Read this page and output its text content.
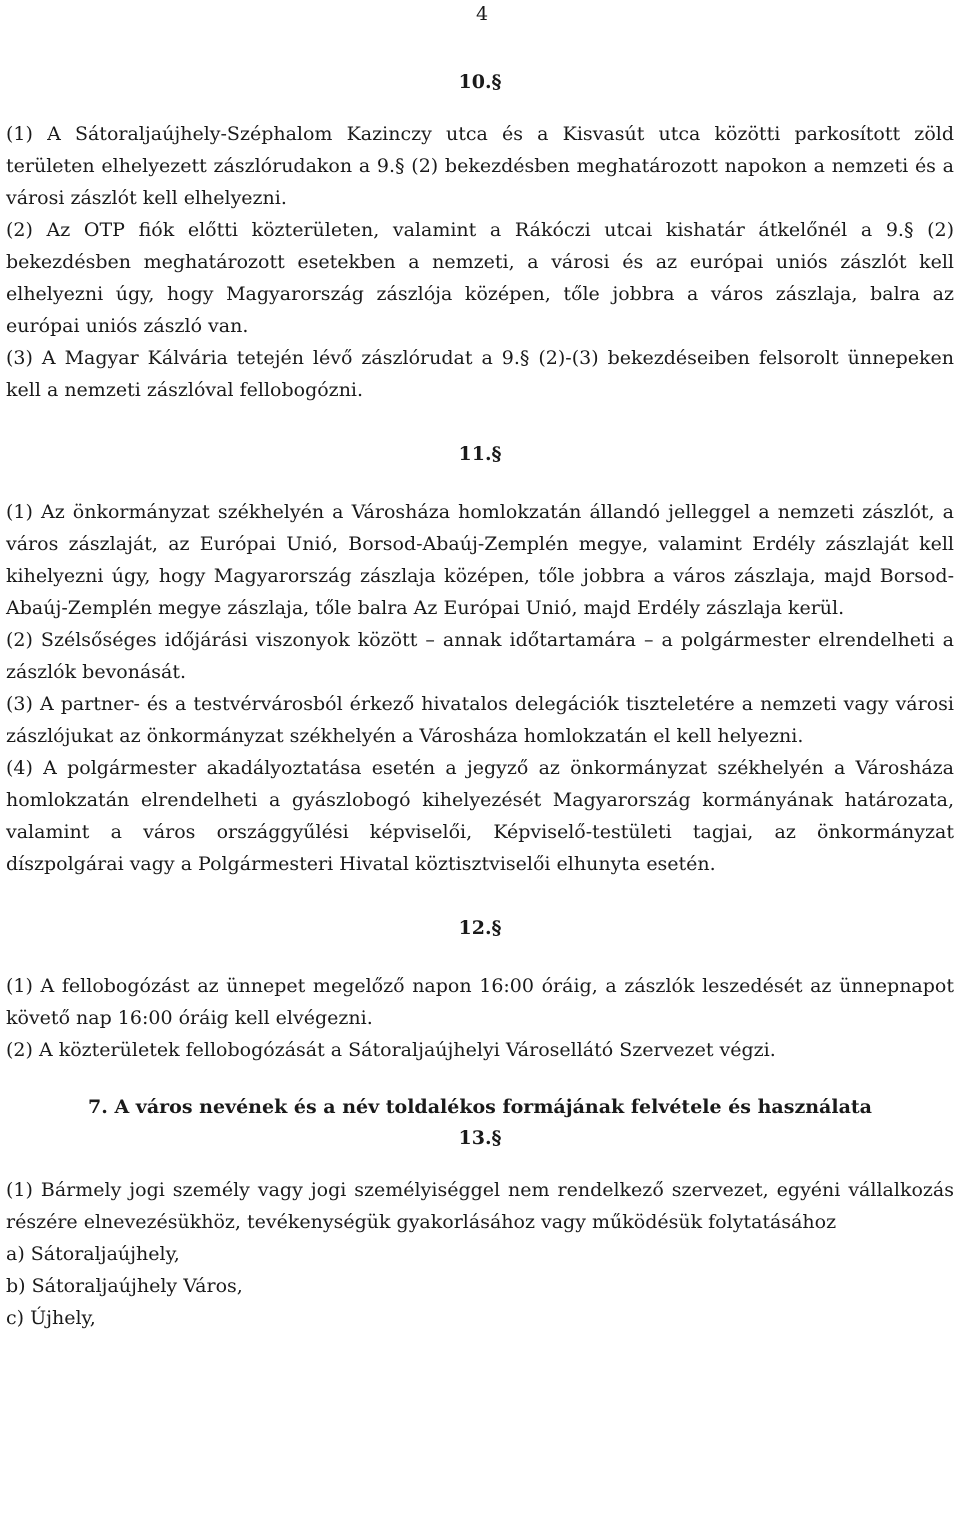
4
10.§

(1) A Sátoraljaújhely-Széphalom Kazinczy utca és a Kisvasút utca közötti parkosított zöld területen elhelyezett zászlórudakon a 9.§ (2) bekezdésben meghatározott napokon a nemzeti és a városi zászlót kell elhelyezni.

(2) Az OTP fiók előtti közterületen, valamint a Rákóczi utcai kishatár átkelőnél a 9.§ (2) bekezdésben meghatározott esetekben a nemzeti, a városi és az európai uniós zászlót kell elhelyezni úgy, hogy Magyarország zászlója középen, tőle jobbra a város zászlaja, balra az európai uniós zászló van.

(3) A Magyar Kálvária tetején lévő zászlórudat a 9.§ (2)-(3) bekezdéseiben felsorolt ünnepeken kell a nemzeti zászlóval fellobogózni.

11.§

(1) Az önkormányzat székhelyén a Városháza homlokzatán állandó jelleggel a nemzeti zászlót, a város zászlaját, az Európai Unió, Borsod-Abaúj-Zemplén megye, valamint Erdély zászlaját kell kihelyezni úgy, hogy Magyarország zászlaja középen, tőle jobbra a város zászlaja, majd Borsod-Abaúj-Zemplén megye zászlaja, tőle balra Az Európai Unió, majd Erdély zászlaja kerül.

(2) Szélsőséges időjárási viszonyok között – annak időtartamára – a polgármester elrendelheti a zászlók bevonását.

(3) A partner- és a testvérvárosból érkező hivatalos delegációk tiszteletére a nemzeti vagy városi zászlójukat az önkormányzat székhelyén a Városháza homlokzatán el kell helyezni.

(4) A polgármester akadályoztatása esetén a jegyző az önkormányzat székhelyén a Városháza homlokzatán elrendelheti a gyászlobogó kihelyezését Magyarország kormányának határozata, valamint a város országgyűlési képviselői, Képviselő-testületi tagjai, az önkormányzat díszpolgárai vagy a Polgármesteri Hivatal köztisztviselői elhunyta esetén.

12.§

(1) A fellobogózást az ünnepet megelőző napon 16:00 óráig, a zászlók leszedését az ünnepnapot követő nap 16:00 óráig kell elvégezni.

(2) A közterületek fellobogózását a Sátoraljaújhelyi Városellátó Szervezet végzi.

7. A város nevének és a név toldalékos formájának felvétele és használata
13.§

(1) Bármely jogi személy vagy jogi személyiséggel nem rendelkező szervezet, egyéni vállalkozás részére elnevezésükhöz, tevékenységük gyakorlásához vagy működésük folytatásához

a) Sátoraljaújhely,

b) Sátoraljaújhely Város,

c) Újhely,
